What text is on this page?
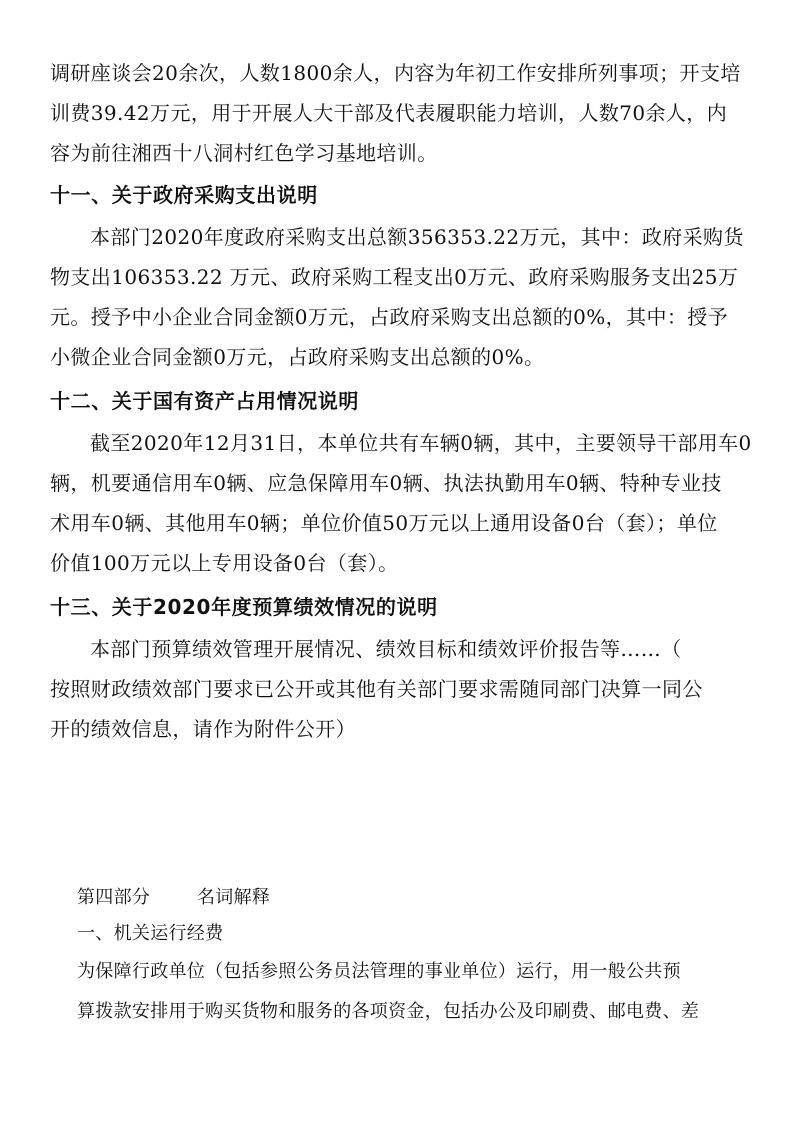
调研座谈会20余次，人数1800余人，内容为年初工作安排所列事项；开支培
训费39.42万元，用于开展人大干部及代表履职能力培训，人数70余人，内
容为前往湘西十八洞村红色学习基地培训。
十一、关于政府采购支出说明
本部门2020年度政府采购支出总额356353.22万元，其中：政府采购货
物支出106353.22 万元、政府采购工程支出0万元、政府采购服务支出25万
元。授予中小企业合同金额0万元，占政府采购支出总额的0%，其中：授予
小微企业合同金额0万元，占政府采购支出总额的0%。
十二、关于国有资产占用情况说明
截至2020年12月31日，本单位共有车辆0辆，其中，主要领导干部用车0
辆，机要通信用车0辆、应急保障用车0辆、执法执勤用车0辆、特种专业技
术用车0辆、其他用车0辆；单位价值50万元以上通用设备0台（套）；单位
价值100万元以上专用设备0台（套）。
十三、关于2020年度预算绩效情况的说明
本部门预算绩效管理开展情况、绩效目标和绩效评价报告等……（
按照财政绩效部门要求已公开或其他有关部门要求需随同部门决算一同公
开的绩效信息，请作为附件公开）
第四部分	名词解释
一、机关运行经费
为保障行政单位（包括参照公务员法管理的事业单位）运行，用一般公共预
算拨款安排用于购买货物和服务的各项资金，包括办公及印刷费、邮电费、差
